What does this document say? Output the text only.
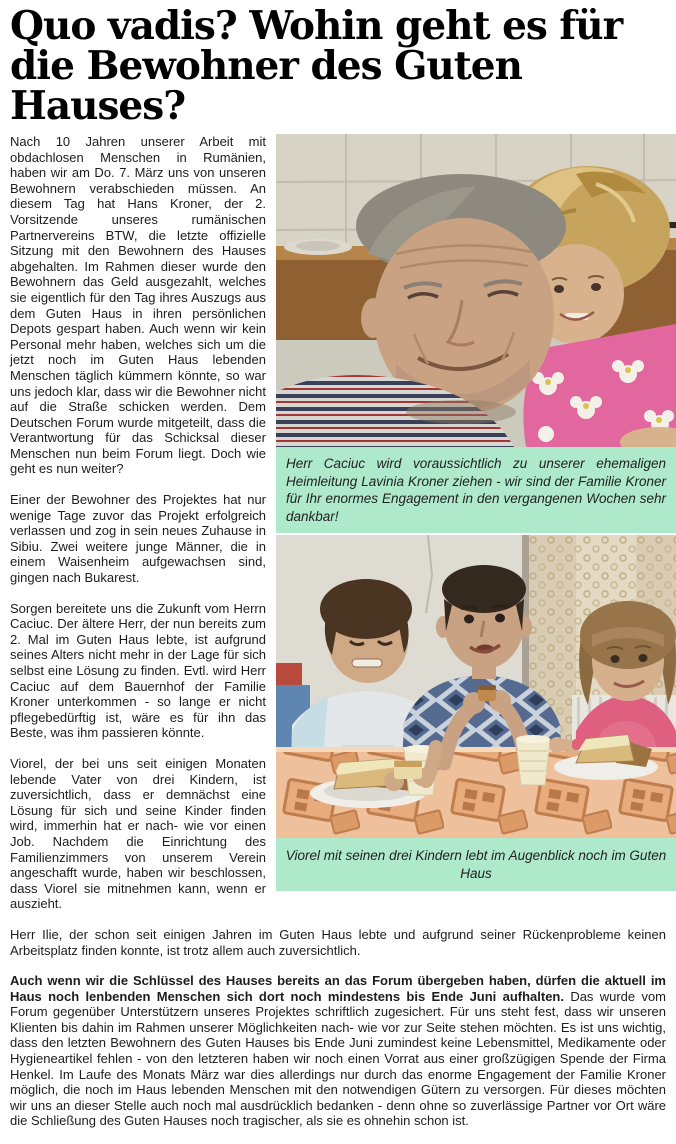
Quo vadis? Wohin geht es für
die Bewohner des Guten Hauses?
Herr Caciuc wird voraussichtlich zu unserer ehemaligen Heimleitung Lavinia Kroner ziehen - wir sind der Familie Kroner für Ihr enormes Engagement in den vergangenen Wochen sehr dankbar!
Viorel mit seinen drei Kindern lebt im Augenblick noch im Guten Haus

Nach 10 Jahren unserer Arbeit mit obdachlosen Menschen in Rumänien, haben wir am Do. 7. März uns von unseren Bewohnern verabschieden müssen. An diesem Tag hat Hans Kroner, der 2. Vorsitzende unseres rumänischen Partnervereins BTW, die letzte offizielle Sitzung mit den Bewohnern des Hauses abgehalten. Im Rahmen dieser wurde den Bewohnern das Geld ausgezahlt, welches sie eigentlich für den Tag ihres Auszugs aus dem Guten Haus in ihren persönlichen Depots gespart haben. Auch wenn wir kein Personal mehr haben, welches sich um die jetzt noch im Guten Haus lebenden Menschen täglich kümmern könnte, so war uns jedoch klar, dass wir die Bewohner nicht auf die Straße schicken werden. Dem Deutschen Forum wurde mitgeteilt, dass die Verantwortung für das Schicksal dieser Menschen nun beim Forum liegt. Doch wie geht es nun weiter?

Einer der Bewohner des Projektes hat nur wenige Tage zuvor das Projekt erfolgreich verlassen und zog in sein neues Zuhause in Sibiu. Zwei weitere junge Männer, die in einem Waisenheim aufgewachsen sind, gingen nach Bukarest.

Sorgen bereitete uns die Zukunft vom Herrn Caciuc. Der ältere Herr, der nun bereits zum 2. Mal im Guten Haus lebte, ist aufgrund seines Alters nicht mehr in der Lage für sich selbst eine Lösung zu finden. Evtl. wird Herr Caciuc auf dem Bauernhof der Familie Kroner unterkommen - so lange er nicht pflegebedürftig ist, wäre es für ihn das Beste, was ihm passieren könnte.

Viorel, der bei uns seit einigen Monaten lebende Vater von drei Kindern, ist zuversichtlich, dass er demnächst eine Lösung für sich und seine Kinder finden wird, immerhin hat er nach- wie vor einen Job. Nachdem die Einrichtung des Familienzimmers von unserem Verein angeschafft wurde, haben wir beschlossen, dass Viorel sie mitnehmen kann, wenn er auszieht.

Herr Ilie, der schon seit einigen Jahren im Guten Haus lebte und aufgrund seiner Rückenprobleme keinen Arbeitsplatz finden konnte, ist trotz allem auch zuversichtlich.

Auch wenn wir die Schlüssel des Hauses bereits an das Forum übergeben haben, dürfen die aktuell im Haus noch lenbenden Menschen sich dort noch mindestens bis Ende Juni aufhalten. Das wurde vom Forum gegenüber Unterstützern unseres Projektes schriftlich zugesichert. Für uns steht fest, dass wir unseren Klienten bis dahin im Rahmen unserer Möglichkeiten nach- wie vor zur Seite stehen möchten. Es ist uns wichtig, dass den letzten Bewohnern des Guten Hauses bis Ende Juni zumindest keine Lebensmittel, Medikamente oder Hygieneartikel fehlen - von den letzteren haben wir noch einen Vorrat aus einer großzügigen Spende der Firma Henkel. Im Laufe des Monats März war dies allerdings nur durch das enorme Engagement der Familie Kroner möglich, die noch im Haus lebenden Menschen mit den notwendigen Gütern zu versorgen. Für dieses möchten wir uns an dieser Stelle auch noch mal ausdrücklich bedanken - denn ohne so zuverlässige Partner vor Ort wäre die Schließung des Guten Hauses noch tragischer, als sie es ohnehin schon ist.
